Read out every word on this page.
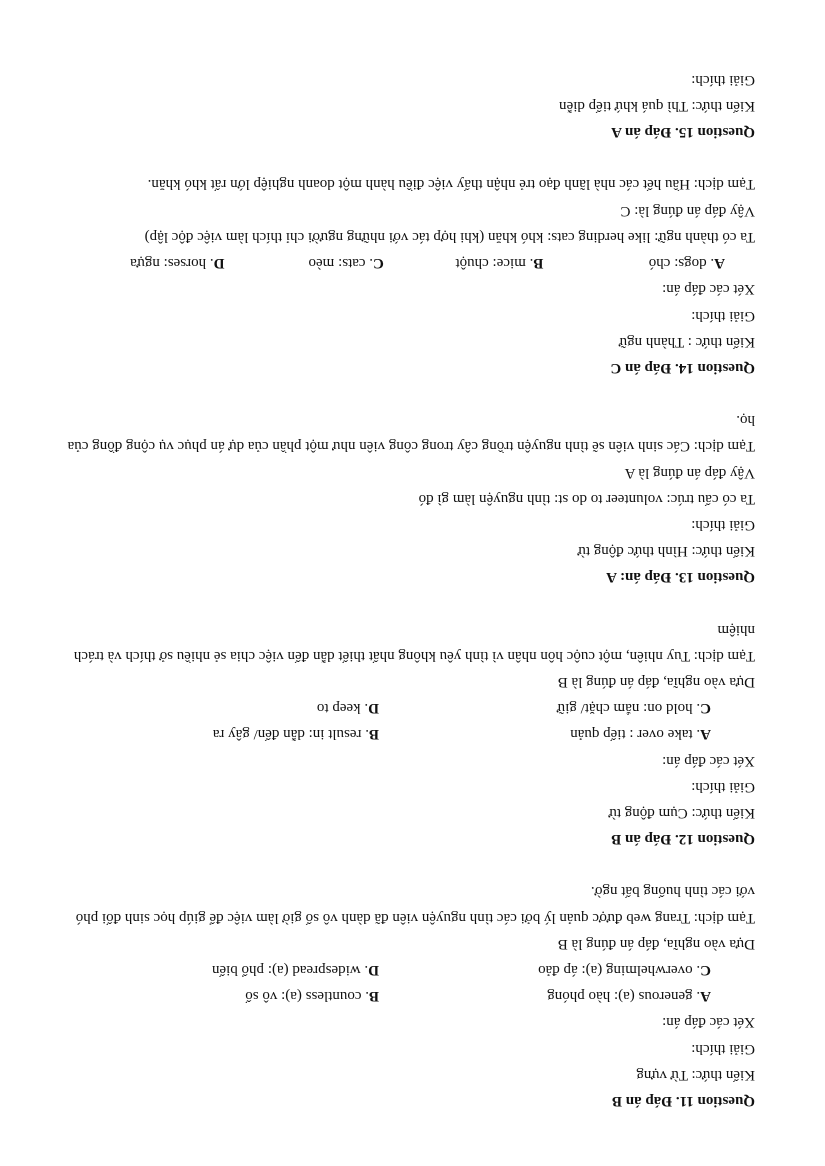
Question 11. Đáp án B
Kiến thức: Từ vựng
Giải thích:
Xét các đáp án:
A. generous (a): hào phóng
B. countless (a): vô số
C. overwhelming (a): áp đảo
D. widespread (a): phổ biến
Dựa vào nghĩa, đáp án đúng là B
Tạm dịch: Trang web được quản lý bởi các tình nguyện viên đã dành vô số giờ làm việc để giúp học sinh đối phó với các tình huống bất ngờ.
Question 12. Đáp án B
Kiến thức: Cụm động từ
Giải thích:
Xét các đáp án:
A. take over : tiếp quản
B. result in: dẫn đến/ gây ra
C. hold on: nắm chặt/ giữ
D. keep to
Dựa vào nghĩa, đáp án đúng là B
Tạm dịch: Tuy nhiên, một cuộc hôn nhân vì tình yêu không nhất thiết dẫn đến việc chia sẻ nhiều sở thích và trách nhiệm
Question 13. Đáp án: A
Kiến thức: Hình thức động từ
Giải thích:
Ta có cấu trúc: volunteer to do st: tình nguyện làm gì đó
Vậy đáp án đúng là A
Tạm dịch: Các sinh viên sẽ tình nguyện trồng cây trong công viên như một phần của dự án phục vụ cộng đồng của họ.
Question 14. Đáp án C
Kiến thức : Thành ngữ
Giải thích:
Xét các đáp án:
A. dogs: chó
B. mice: chuột
C. cats: mèo
D. horses: ngựa
Ta có thành ngữ: like herding cats: khó khăn (khi hợp tác với những người chỉ thích làm việc độc lập)
Vậy đáp án đúng là: C
Tạm dịch: Hầu hết các nhà lãnh đạo trẻ nhận thấy việc điều hành một doanh nghiệp lớn rất khó khăn.
Question 15. Đáp án A
Kiến thức: Thì quá khứ tiếp diễn
Giải thích:
